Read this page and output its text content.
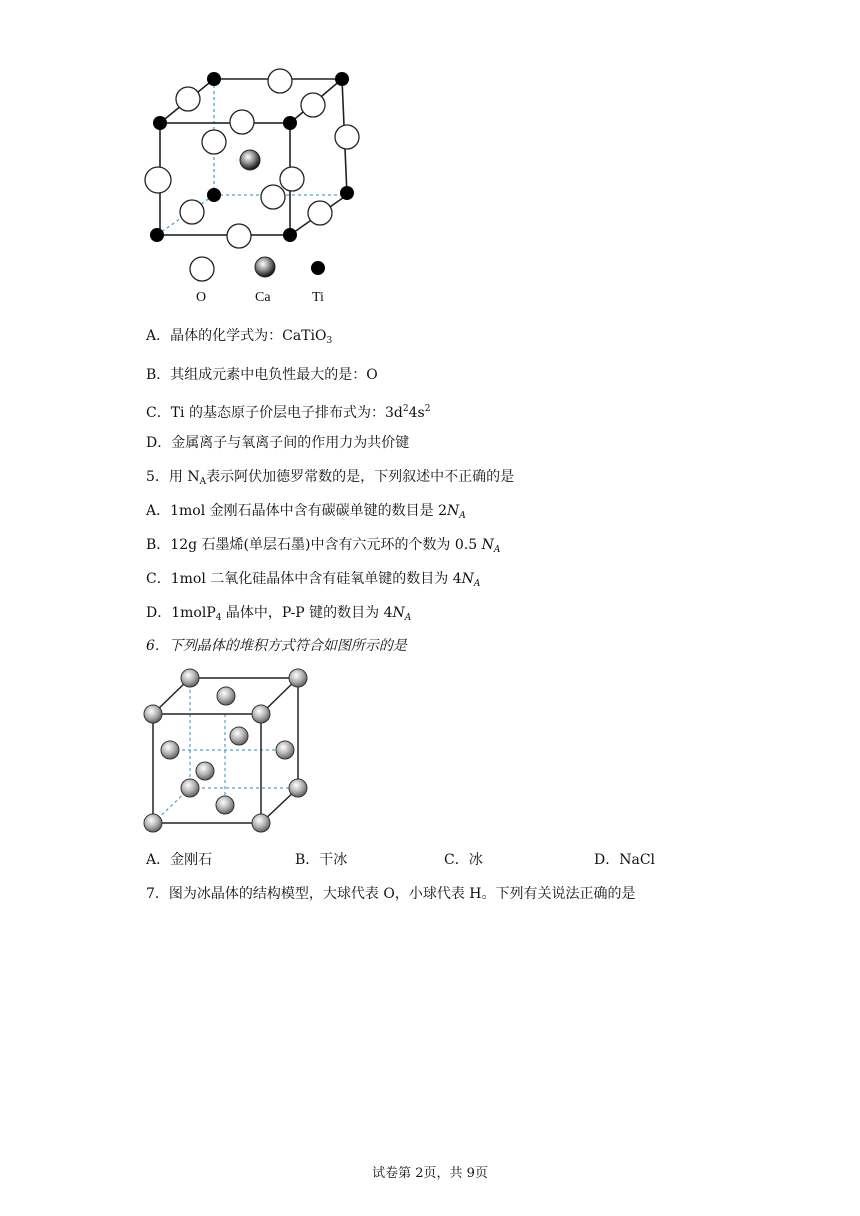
O	Ca	Ti
A．晶体的化学式为：CaTiO$_3$
B．其组成元素中电负性最大的是：O
C．Ti 的基态原子价层电子排布式为：$3d^24s^2$
D．金属离子与氧离子间的作用力为共价键
5．用 $N_A$表示阿伏加德罗常数的是，下列叙述中不正确的是
A．1mol 金刚石晶体中含有碳碳单键的数目是 $2N_A$
B．12g 石墨烯(单层石墨)中含有六元环的个数为 0.5 $N_A$
C．1mol 二氧化硅晶体中含有硅氧单键的数目为 $4N_A$
D．1molP$_4$ 晶体中，P-P 键的数目为 $4N_A$
6．下列晶体的堆积方式符合如图所示的是
A．金刚石	B．干冰	C．冰	D．NaCl
7．图为冰晶体的结构模型，大球代表 O，小球代表 H。下列有关说法正确的是
试卷第 2页，共 9页
